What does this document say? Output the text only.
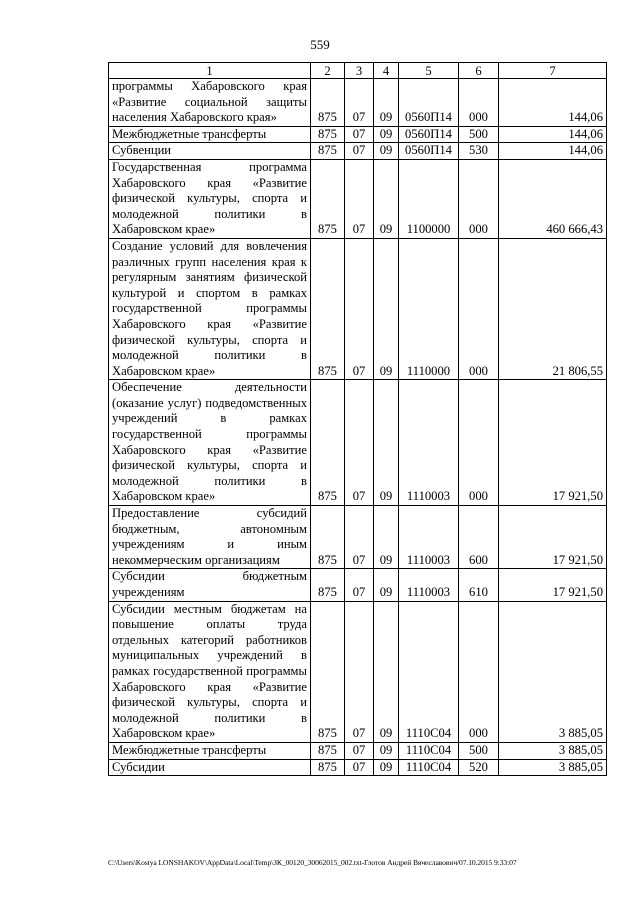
559
1	2	3	4	5	6	7
программы Хабаровского края «Развитие социальной защиты населения Хабаровского края»	875	07	09	0560П14	000	144,06
Межбюджетные трансферты	875	07	09	0560П14	500	144,06
Субвенции	875	07	09	0560П14	530	144,06
Государственная программа Хабаровского края «Развитие физической культуры, спорта и молодежной политики в Хабаровском крае»	875	07	09	1100000	000	460 666,43
Создание условий для вовлечения различных групп населения края к регулярным занятиям физической культурой и спортом в рамках государственной программы Хабаровского края «Развитие физической культуры, спорта и молодежной политики в Хабаровском крае»	875	07	09	1110000	000	21 806,55
Обеспечение деятельности (оказание услуг) подведомственных учреждений в рамках государственной программы Хабаровского края «Развитие физической культуры, спорта и молодежной политики в Хабаровском крае»	875	07	09	1110003	000	17 921,50
Предоставление субсидий бюджетным, автономным учреждениям и иным некоммерческим организациям	875	07	09	1110003	600	17 921,50
Субсидии бюджетным учреждениям	875	07	09	1110003	610	17 921,50
Субсидии местным бюджетам на повышение оплаты труда отдельных категорий работников муниципальных учреждений в рамках государственной программы Хабаровского края «Развитие физической культуры, спорта и молодежной политики в Хабаровском крае»	875	07	09	1110С04	000	3 885,05
Межбюджетные трансферты	875	07	09	1110С04	500	3 885,05
Субсидии	875	07	09	1110С04	520	3 885,05
C:\Users\Kostya LONSHAKOV\AppData\Local\Temp\ЗК_00120_30062015_002.txt-Глотов Андрей Вячеславович/07.10.2015 9:33:07
